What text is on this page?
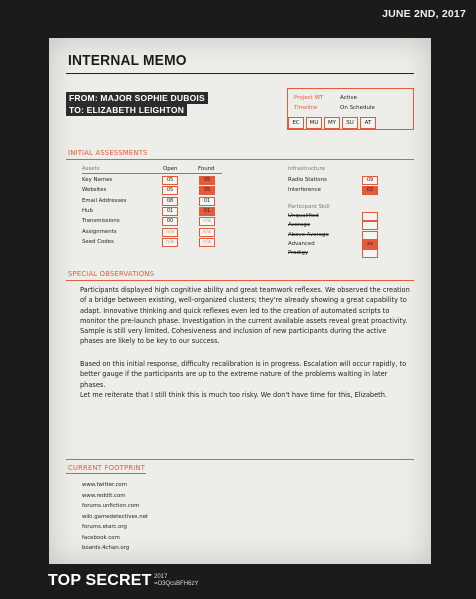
JUNE 2ND, 2017
INTERNAL MEMO
FROM: MAJOR SOPHIE DUBOIS
TO: ELIZABETH LEIGHTON
Project WT	Active
Timeline	On Schedule
EC	MU	MY	SU	AT
INITIAL ASSESSMENTS
Assets	Open	Found
Key Names	05	05
Websites	05	05
Email Addresses	08	01
Hub	01	01
Transmissions	00	n/a
Assignments	n/a	n/a
Seed Codes	n/a	n/a
Infrastructure
Radio Stations	09
Interference	02
Participant Skill
Unqualified
Average
Above Average
Advanced	xx
Prodigy
SPECIAL OBSERVATIONS
Participants displayed high cognitive ability and great teamwork reflexes. We observed the creation of a bridge between existing, well-organized clusters; they're already showing a great capability to adapt. Innovative thinking and quick reflexes even led to the creation of automated scripts to monitor the pre-launch phase. Investigation in the current available assets reveal great proactivity. Sample is still very limited. Cohesiveness and inclusion of new participants during the active phases are likely to be key to our success.
Based on this initial response, difficulty recalibration is in progress. Escalation will occur rapidly, to better gauge if the participants are up to the extreme nature of the problems waiting in later phases.
Let me reiterate that I still think this is much too risky. We don't have time for this, Elizabeth.
CURRENT FOOTPRINT
www.twitter.com
www.reddit.com
forums.unfiction.com
wiki.gamedetectives.net
forums.etarc.org
facebook.com
boards.4chan.org
TOP SECRET 2017
=O3QcsBFH6zY
